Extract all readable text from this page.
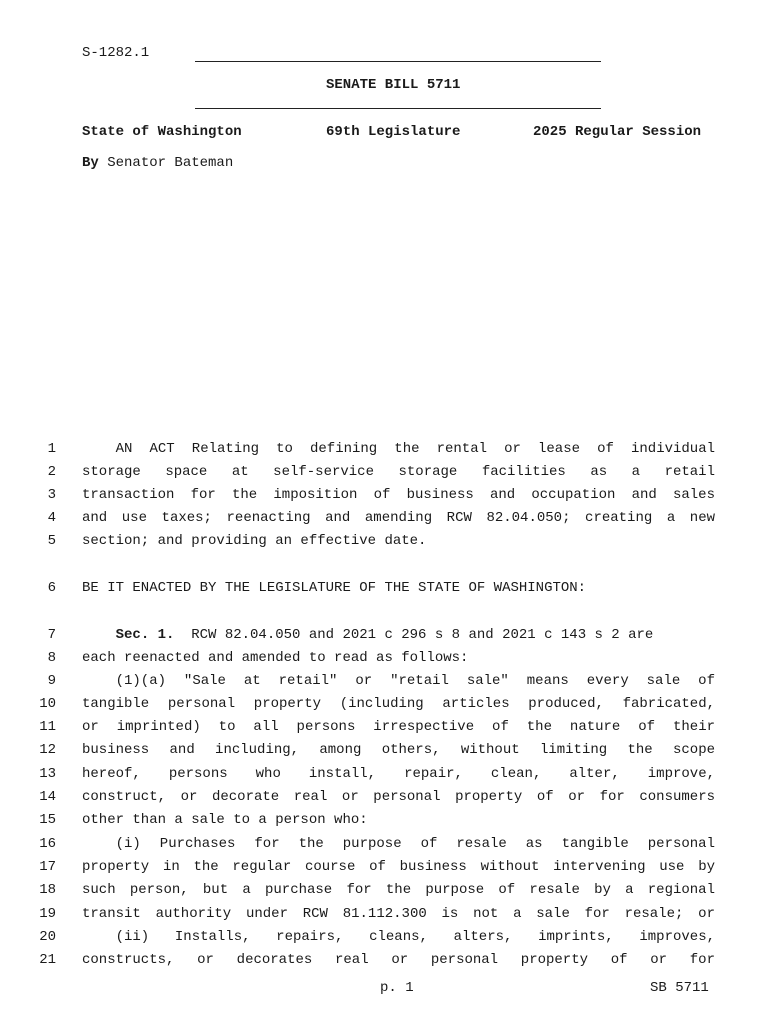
S-1282.1
SENATE BILL 5711
State of Washington	69th Legislature	2025 Regular Session
By Senator Bateman
1	AN ACT Relating to defining the rental or lease of individual
2 storage space at self-service storage facilities as a retail
3 transaction for the imposition of business and occupation and sales
4 and use taxes; reenacting and amending RCW 82.04.050; creating a new
5 section; and providing an effective date.
6 BE IT ENACTED BY THE LEGISLATURE OF THE STATE OF WASHINGTON:
7	Sec. 1.  RCW 82.04.050 and 2021 c 296 s 8 and 2021 c 143 s 2 are
8 each reenacted and amended to read as follows:
9	(1)(a) "Sale at retail" or "retail sale" means every sale of
10 tangible personal property (including articles produced, fabricated,
11 or imprinted) to all persons irrespective of the nature of their
12 business and including, among others, without limiting the scope
13 hereof, persons who install, repair, clean, alter, improve,
14 construct, or decorate real or personal property of or for consumers
15 other than a sale to a person who:
16	(i) Purchases for the purpose of resale as tangible personal
17 property in the regular course of business without intervening use by
18 such person, but a purchase for the purpose of resale by a regional
19 transit authority under RCW 81.112.300 is not a sale for resale; or
20	(ii) Installs, repairs, cleans, alters, imprints, improves,
21 constructs, or decorates real or personal property of or for
p. 1	SB 5711
